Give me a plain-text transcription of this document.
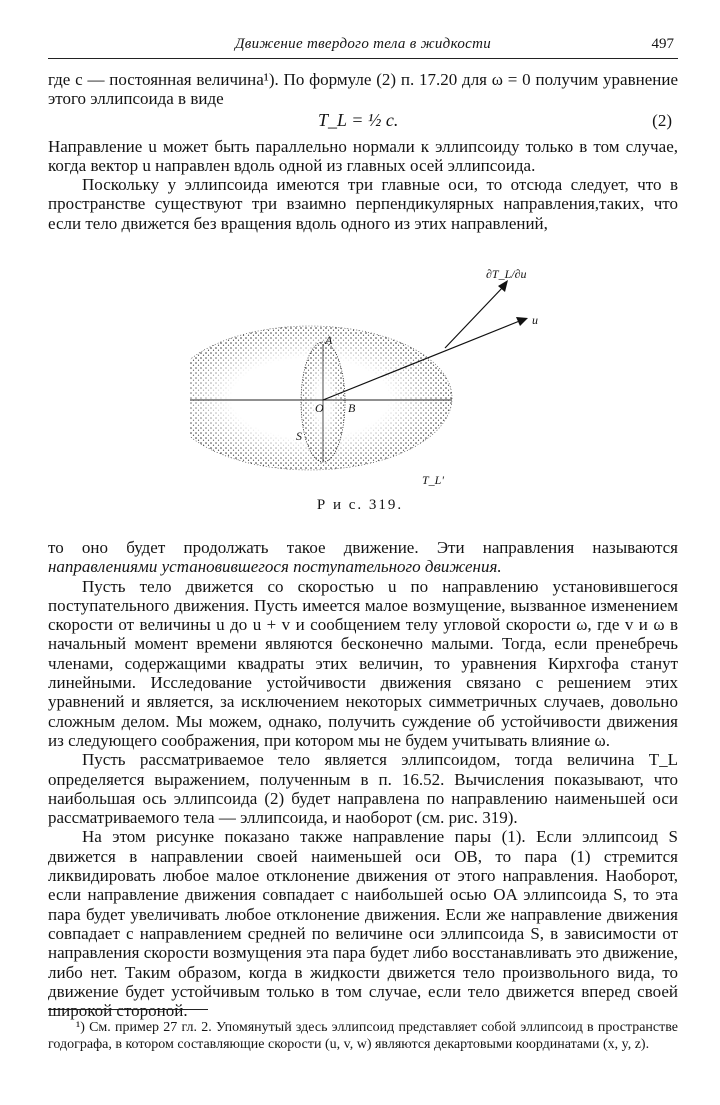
Движение твердого тела в жидкости	497

где c — постоянная величина¹). По формуле (2) п. 17.20 для ω = 0 получим уравнение этого эллипсоида в виде

T_L = ½ c.	(2)

Направление u может быть параллельно нормали к эллипсоиду только в том случае, когда вектор u направлен вдоль одной из главных осей эллипсоида.

Поскольку у эллипсоида имеются три главные оси, то отсюда следует, что в пространстве существуют три взаимно перпендикулярных направления,таких, что если тело движется без вращения вдоль одного из этих направлений,

∂T_L/∂u
u
A
O B
S
T_L'
Р и с. 319.

то оно будет продолжать такое движение. Эти направления называются направлениями установившегося поступательного движения.

Пусть тело движется со скоростью u по направлению установившегося поступательного движения. Пусть имеется малое возмущение, вызванное изменением скорости от величины u до u + v и сообщением телу угловой скорости ω, где v и ω в начальный момент времени являются бесконечно малыми. Тогда, если пренебречь членами, содержащими квадраты этих величин, то уравнения Кирхгофа станут линейными. Исследование устойчивости движения связано с решением этих уравнений и является, за исключением некоторых симметричных случаев, довольно сложным делом. Мы можем, однако, получить суждение об устойчивости движения из следующего соображения, при котором мы не будем учитывать влияние ω.

Пусть рассматриваемое тело является эллипсоидом, тогда величина T_L определяется выражением, полученным в п. 16.52. Вычисления показывают, что наибольшая ось эллипсоида (2) будет направлена по направлению наименьшей оси рассматриваемого тела — эллипсоида, и наоборот (см. рис. 319).

На этом рисунке показано также направление пары (1). Если эллипсоид S движется в направлении своей наименьшей оси OB, то пара (1) стремится ликвидировать любое малое отклонение движения от этого направления. Наоборот, если направление движения совпадает с наибольшей осью OA эллипсоида S, то эта пара будет увеличивать любое отклонение движения. Если же направление движения совпадает с направлением средней по величине оси эллипсоида S, в зависимости от направления скорости возмущения эта пара будет либо восстанавливать это движение, либо нет. Таким образом, когда в жидкости движется тело произвольного вида, то движение будет устойчивым только в том случае, если тело движется вперед своей широкой стороной.

¹) См. пример 27 гл. 2. Упомянутый здесь эллипсоид представляет собой эллипсоид в пространстве годографа, в котором составляющие скорости (u, v, w) являются декартовыми координатами (x, y, z).
